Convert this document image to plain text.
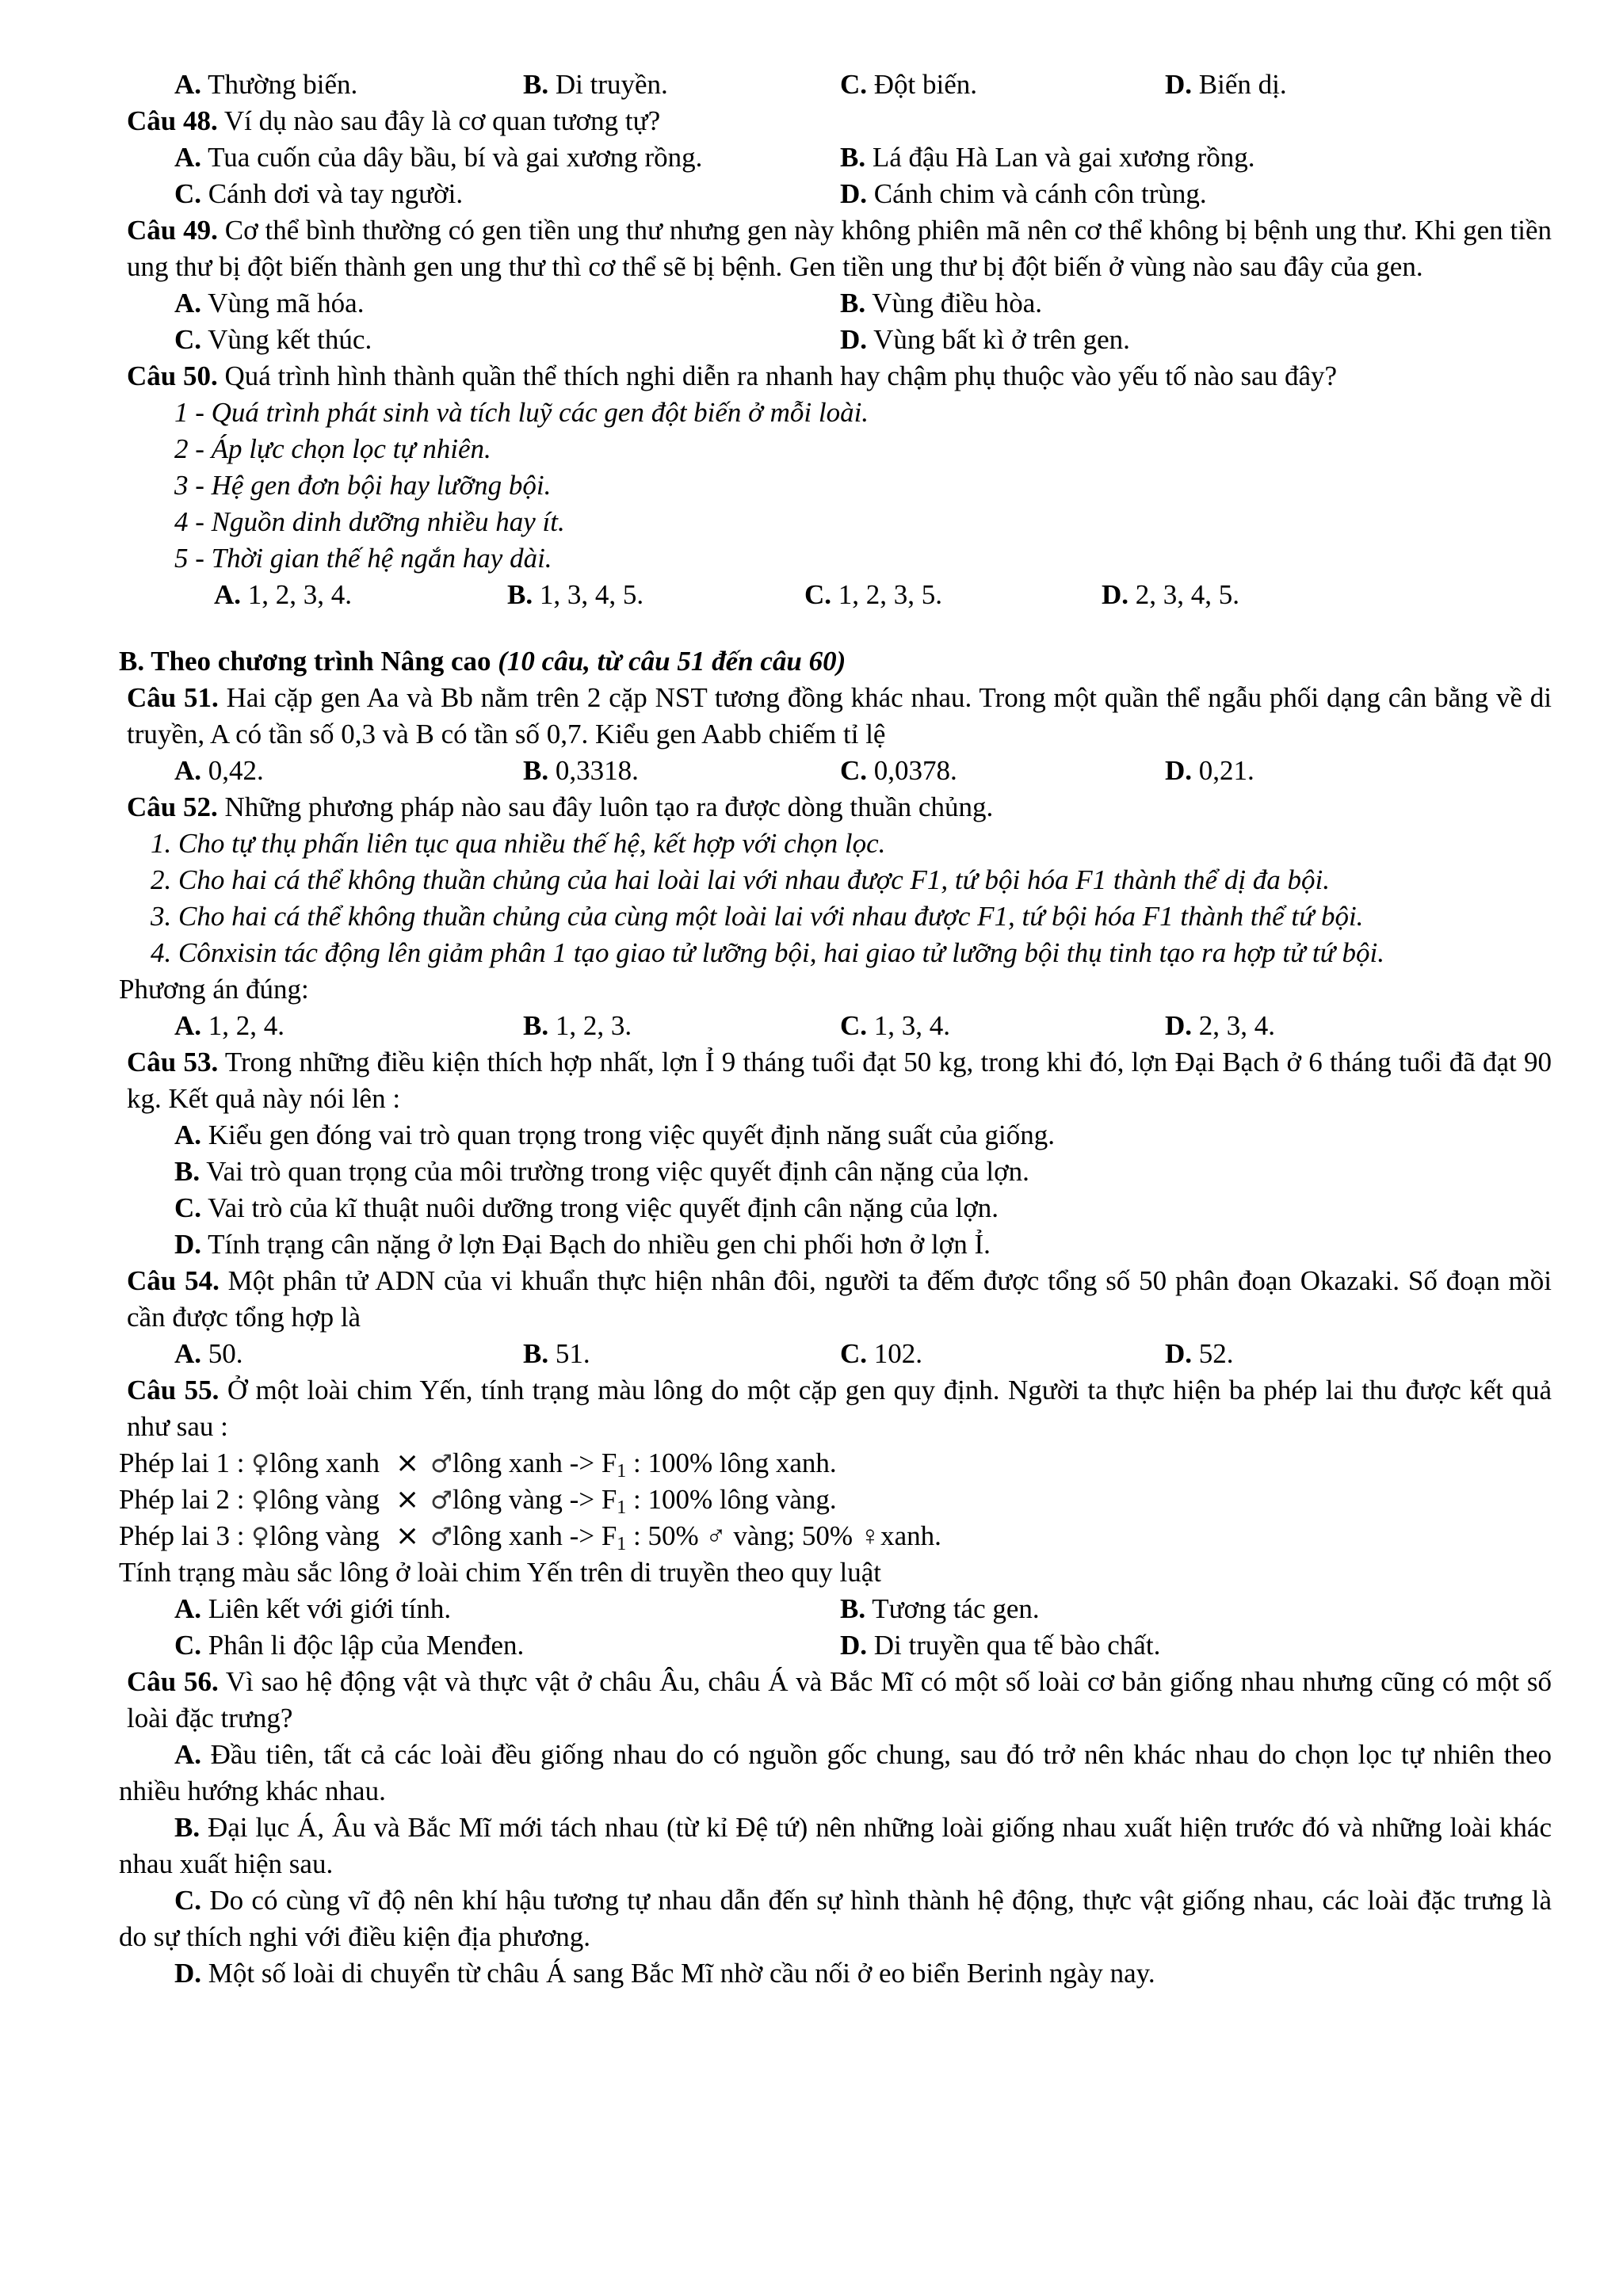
A. Thường biến.	B. Di truyền.	C. Đột biến.	D. Biến dị.
Câu 48. Ví dụ nào sau đây là cơ quan tương tự?
A. Tua cuốn của dây bầu, bí và gai xương rồng.	B. Lá đậu Hà Lan và gai xương rồng.
C. Cánh dơi và tay người.	D. Cánh chim và cánh côn trùng.
Câu 49. Cơ thể bình thường có gen tiền ung thư nhưng gen này không phiên mã nên cơ thể không bị bệnh ung thư. Khi gen tiền ung thư bị đột biến thành gen ung thư thì cơ thể sẽ bị bệnh. Gen tiền ung thư bị đột biến ở vùng nào sau đây của gen.
A. Vùng mã hóa.	B. Vùng điều hòa.
C. Vùng kết thúc.	D. Vùng bất kì ở trên gen.
Câu 50. Quá trình hình thành quần thể thích nghi diễn ra nhanh hay chậm phụ thuộc vào yếu tố nào sau đây?
1 - Quá trình phát sinh và tích luỹ các gen đột biến ở mỗi loài.
2 - Áp lực chọn lọc tự nhiên.
3 - Hệ gen đơn bội hay lưỡng bội.
4 - Nguồn dinh dưỡng nhiều hay ít.
5 - Thời gian thế hệ ngắn hay dài.
A. 1, 2, 3, 4.	B. 1, 3, 4, 5.	C. 1, 2, 3, 5.	D. 2, 3, 4, 5.
B. Theo chương trình Nâng cao (10 câu, từ câu 51 đến câu 60)
Câu 51. Hai cặp gen Aa và Bb nằm trên 2 cặp NST tương đồng khác nhau. Trong một quần thể ngẫu phối dạng cân bằng về di truyền, A có tần số 0,3 và B có tần số 0,7. Kiểu gen Aabb chiếm tỉ lệ
A. 0,42.	B. 0,3318.	C. 0,0378.	D. 0,21.
Câu 52. Những phương pháp nào sau đây luôn tạo ra được dòng thuần chủng.
1. Cho tự thụ phấn liên tục qua nhiều thế hệ, kết hợp với chọn lọc.
2. Cho hai cá thể không thuần chủng của hai loài lai với nhau được F1, tứ bội hóa F1 thành thể dị đa bội.
3. Cho hai cá thể không thuần chủng của cùng một loài lai với nhau được F1, tứ bội hóa F1 thành thể tứ bội.
4. Cônxisin tác động lên giảm phân 1 tạo giao tử lưỡng bội, hai giao tử lưỡng bội thụ tinh tạo ra hợp tử tứ bội.
Phương án đúng:
A. 1, 2, 4.	B. 1, 2, 3.	C. 1, 3, 4.	D. 2, 3, 4.
Câu 53. Trong những điều kiện thích hợp nhất, lợn Ỉ 9 tháng tuổi đạt 50 kg, trong khi đó, lợn Đại Bạch ở 6 tháng tuổi đã đạt 90 kg. Kết quả này nói lên :
A. Kiểu gen đóng vai trò quan trọng trong việc quyết định năng suất của giống.
B. Vai trò quan trọng của môi trường trong việc quyết định cân nặng của lợn.
C. Vai trò của kĩ thuật nuôi dưỡng trong việc quyết định cân nặng của lợn.
D. Tính trạng cân nặng ở lợn Đại Bạch do nhiều gen chi phối hơn ở lợn Ỉ.
Câu 54. Một phân tử ADN của vi khuẩn thực hiện nhân đôi, người ta đếm được tổng số 50 phân đoạn Okazaki. Số đoạn mồi cần được tổng hợp là
A. 50.	B. 51.	C. 102.	D. 52.
Câu 55. Ở một loài chim Yến, tính trạng màu lông do một cặp gen quy định. Người ta thực hiện ba phép lai thu được kết quả như sau :
Phép lai 1 : ♀lông xanh × ♂lông xanh -> $F_1$ : 100% lông xanh.
Phép lai 2 : ♀lông vàng × ♂lông vàng -> $F_1$ : 100% lông vàng.
Phép lai 3 : ♀lông vàng × ♂lông xanh -> $F_1$ : 50% ♂ vàng; 50% ♀xanh.
Tính trạng màu sắc lông ở loài chim Yến trên di truyền theo quy luật
A. Liên kết với giới tính.	B. Tương tác gen.
C. Phân li độc lập của Menđen.	D. Di truyền qua tế bào chất.
Câu 56. Vì sao hệ động vật và thực vật ở châu Âu, châu Á và Bắc Mĩ có một số loài cơ bản giống nhau nhưng cũng có một số loài đặc trưng?
A. Đầu tiên, tất cả các loài đều giống nhau do có nguồn gốc chung, sau đó trở nên khác nhau do chọn lọc tự nhiên theo nhiều hướng khác nhau.
B. Đại lục Á, Âu và Bắc Mĩ mới tách nhau (từ kỉ Đệ tứ) nên những loài giống nhau xuất hiện trước đó và những loài khác nhau xuất hiện sau.
C. Do có cùng vĩ độ nên khí hậu tương tự nhau dẫn đến sự hình thành hệ động, thực vật giống nhau, các loài đặc trưng là do sự thích nghi với điều kiện địa phương.
D. Một số loài di chuyển từ châu Á sang Bắc Mĩ nhờ cầu nối ở eo biển Berinh ngày nay.
